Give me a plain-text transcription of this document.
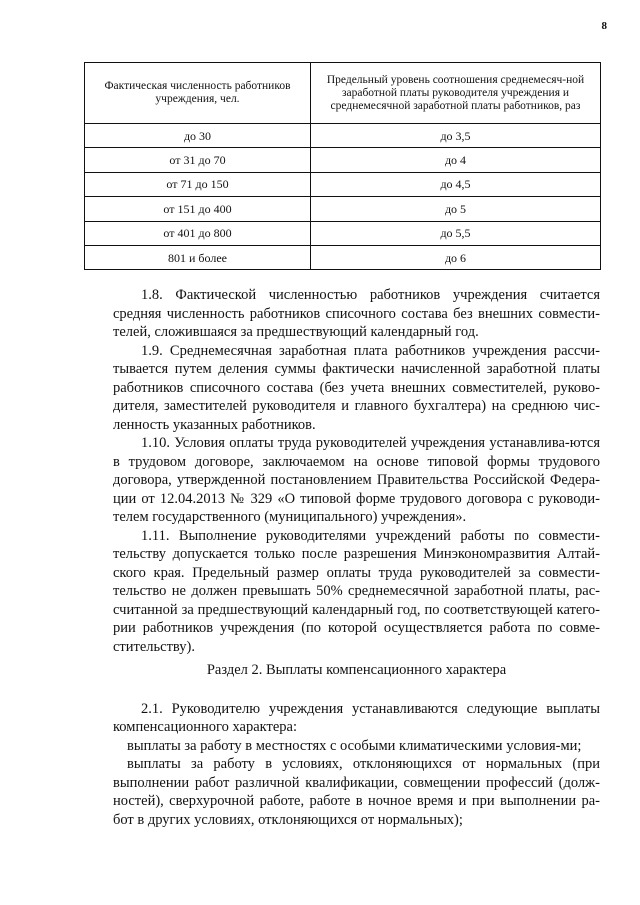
8
Фактическая численность работников учреждения, чел.	Предельный уровень соотношения среднемесяч-ной заработной платы руководителя учреждения и среднемесячной заработной платы работников, раз
до 30	до 3,5
от 31 до 70	до 4
от 71 до 150	до 4,5
от 151 до 400	до 5
от 401 до 800	до 5,5
801 и более	до 6

1.8. Фактической численностью работников учреждения считается средняя численность работников списочного состава без внешних совмести-телей, сложившаяся за предшествующий календарный год.

1.9. Среднемесячная заработная плата работников учреждения рассчи-тывается путем деления суммы фактически начисленной заработной платы работников списочного состава (без учета внешних совместителей, руково-дителя, заместителей руководителя и главного бухгалтера) на среднюю чис-ленность указанных работников.

1.10. Условия оплаты труда руководителей учреждения устанавлива-ются в трудовом договоре, заключаемом на основе типовой формы трудового договора, утвержденной постановлением Правительства Российской Федера-ции от 12.04.2013 № 329 «О типовой форме трудового договора с руководи-телем государственного (муниципального) учреждения».

1.11. Выполнение руководителями учреждений работы по совмести-тельству допускается только после разрешения Минэкономразвития Алтай-ского края. Предельный размер оплаты труда руководителей за совмести-тельство не должен превышать 50% среднемесячной заработной платы, рас-считанной за предшествующий календарный год, по соответствующей катего-рии работников учреждения (по которой осуществляется работа по совме-стительству).

Раздел 2. Выплаты компенсационного характера

2.1. Руководителю учреждения устанавливаются следующие выплаты компенсационного характера:

выплаты за работу в местностях с особыми климатическими условия-ми;

выплаты за работу в условиях, отклоняющихся от нормальных (при выполнении работ различной квалификации, совмещении профессий (долж-ностей), сверхурочной работе, работе в ночное время и при выполнении ра-бот в других условиях, отклоняющихся от нормальных);
